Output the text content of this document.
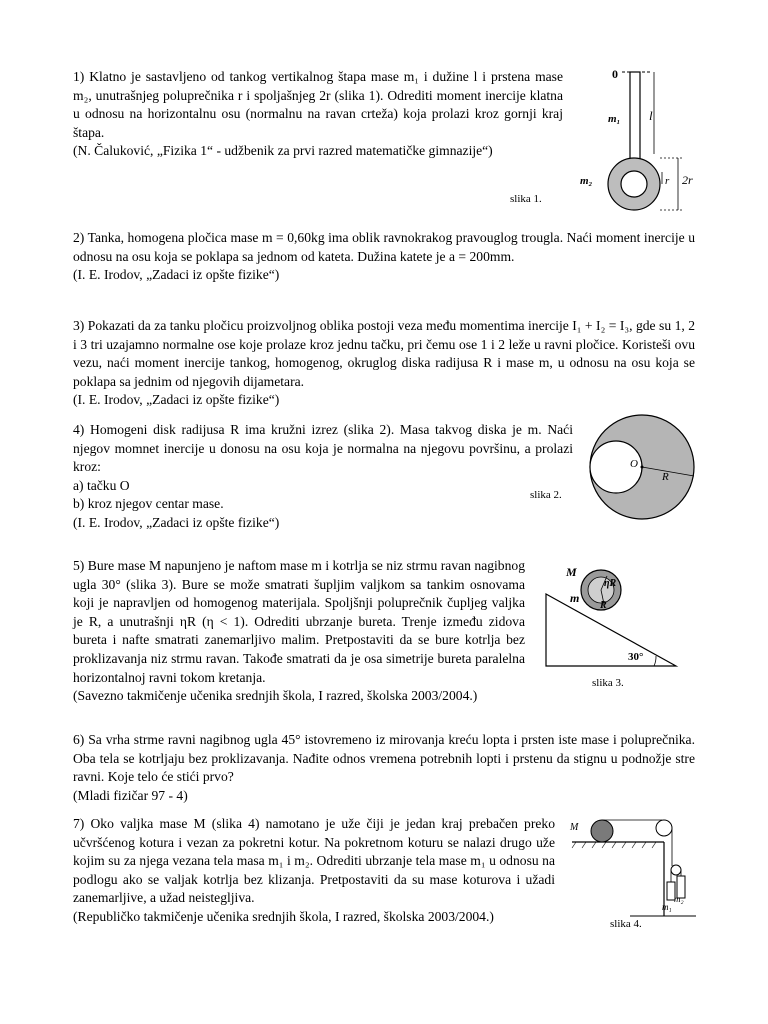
1) Klatno je sastavljeno od tankog vertikalnog štapa mase m₁ i dužine l i prstena mase m₂, unutrašnjeg poluprečnika r i spoljašnjeg 2r (slika 1). Odrediti moment inercije klatna u odnosu na horizontalnu osu (normalnu na ravan crteža) koja prolazi kroz gornji kraj štapa.

(N. Čaluković, „Fizika 1“ - udžbenik za prvi razred matematičke gimnazije“)

0
m₁ l
m₂	2r
r
slika 1.

2) Tanka, homogena pločica mase m = 0,60kg ima oblik ravnokrakog pravouglog trougla. Naći moment inercije u odnosu na osu koja se poklapa sa jednom od kateta. Dužina katete je a = 200mm.

(I. E. Irodov, „Zadaci iz opšte fizike“)

3) Pokazati da za tanku pločicu proizvoljnog oblika postoji veza među momentima inercije I₁ + I₂ = I₃, gde su 1, 2 i 3 tri uzajamno normalne ose koje prolaze kroz jednu tačku, pri čemu ose 1 i 2 leže u ravni pločice. Koristeši ovu vezu, naći moment inercije tankog, homogenog, okruglog diska radijusa R i mase m, u odnosu na osu koja se poklapa sa jednim od njegovih dijametara.

(I. E. Irodov, „Zadaci iz opšte fizike“)

4) Homogeni disk radijusa R ima kružni izrez (slika 2). Masa takvog diska je m. Naći njegov momnet inercije u donosu na osu koja je normalna na njegovu površinu, a prolazi kroz:

a) tačku O

b) kroz njegov centar mase.

(I. E. Irodov, „Zadaci iz opšte fizike“)

O
R
slika 2.

5) Bure mase M napunjeno je naftom mase m i kotrlja se niz strmu ravan nagibnog ugla 30° (slika 3). Bure se može smatrati šupljim valjkom sa tankim osnovama koji je napravljen od homogenog materijala. Spoljšnji poluprečnik čupljeg valjka je R, a unutrašnji ηR (η < 1). Odrediti ubrzanje bureta. Trenje između zidova bureta i nafte smatrati zanemarljivo malim. Pretpostaviti da se bure kotrlja bez proklizavanja niz strmu ravan. Takođe smatrati da je osa simetrije bureta paralelna horizontalnoj ravni tokom kretanja.

(Savezno takmičenje učenika srednjih škola, I razred, školska 2003/2004.)

M
m
ηR
R
30°
slika 3.

6) Sa vrha strme ravni nagibnog ugla 45° istovremeno iz mirovanja kreću lopta i prsten iste mase i poluprečnika. Oba tela se kotrljaju bez proklizavanja. Nađite odnos vremena potrebnih lopti i prstenu da stignu u podnožje stre ravni. Koje telo će stići prvo?

(Mladi fizičar 97 - 4)

7) Oko valjka mase M (slika 4) namotano je uže čiji je jedan kraj prebačen preko učvršćenog koturа i vezan za pokretni kotur. Na pokretnom koturu se nalazi drugo uže kojim su za njega vezana tela masa m₁ i m₂. Odrediti ubrzanje tela mase m₁ u odnosu na podlogu ako se valjak kotrlja bez klizanja. Pretpostaviti da su mase koturova i užadi zanemarljive, a užad neistegljiva.

(Republičko takmičenje učenika srednjih škola, I razred, školska 2003/2004.)

M
m₁
m₂
slika 4.
